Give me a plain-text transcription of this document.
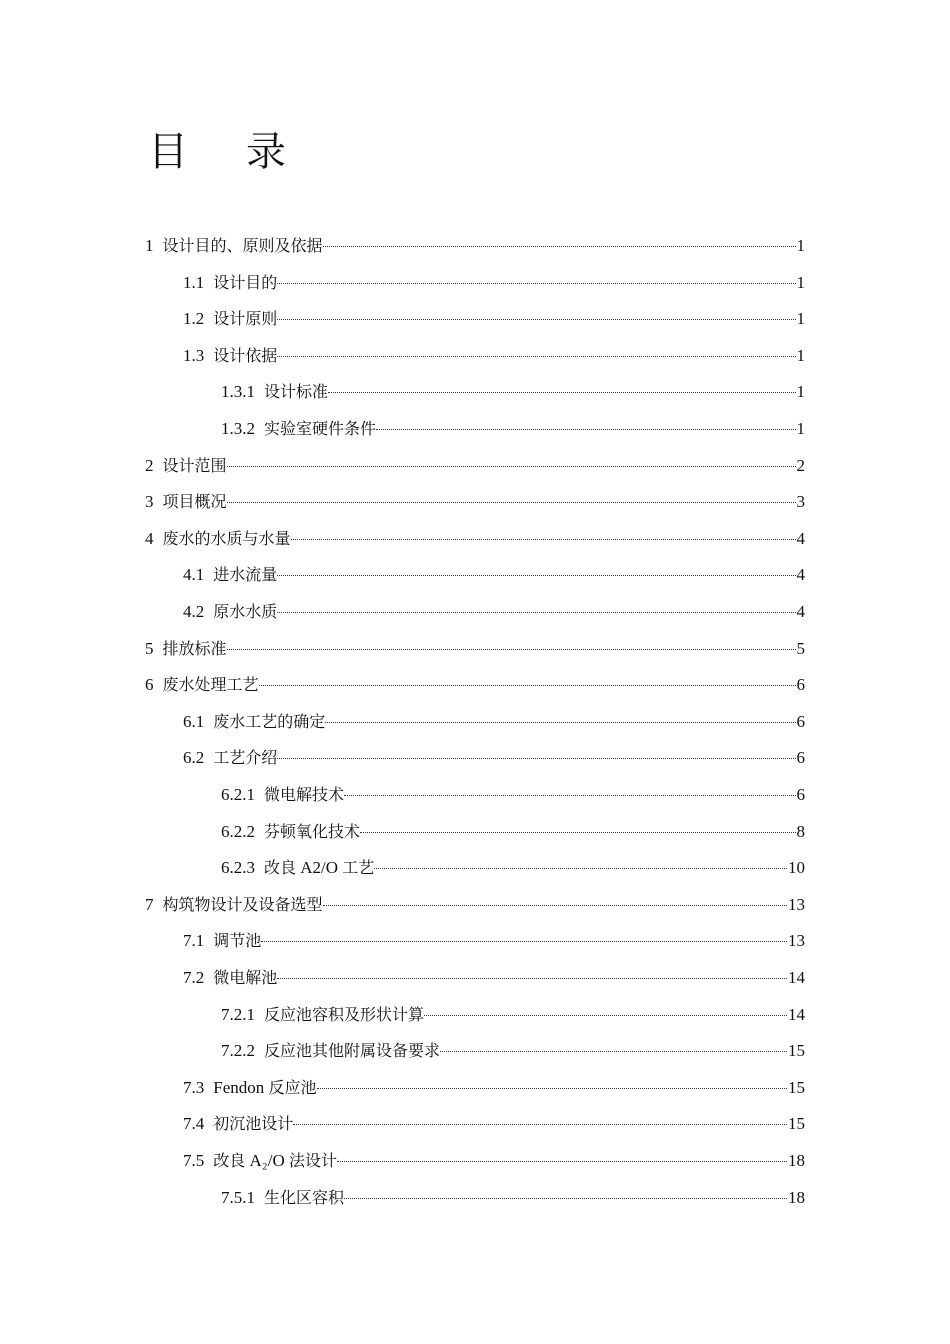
目 录
1 设计目的、原则及依据	1
1.1 设计目的	1
1.2 设计原则	1
1.3 设计依据	1
1.3.1 设计标准	1
1.3.2 实验室硬件条件	1
2 设计范围	2
3 项目概况	3
4 废水的水质与水量	4
4.1 进水流量	4
4.2 原水水质	4
5 排放标准	5
6 废水处理工艺	6
6.1 废水工艺的确定	6
6.2 工艺介绍	6
6.2.1 微电解技术	6
6.2.2 芬顿氧化技术	8
6.2.3 改良 A2/O 工艺	10
7 构筑物设计及设备选型	13
7.1 调节池	13
7.2 微电解池	14
7.2.1 反应池容积及形状计算	14
7.2.2 反应池其他附属设备要求	15
7.3 Fendon 反应池	15
7.4 初沉池设计	15
7.5 改良 A₂/O 法设计	18
7.5.1 生化区容积	18
